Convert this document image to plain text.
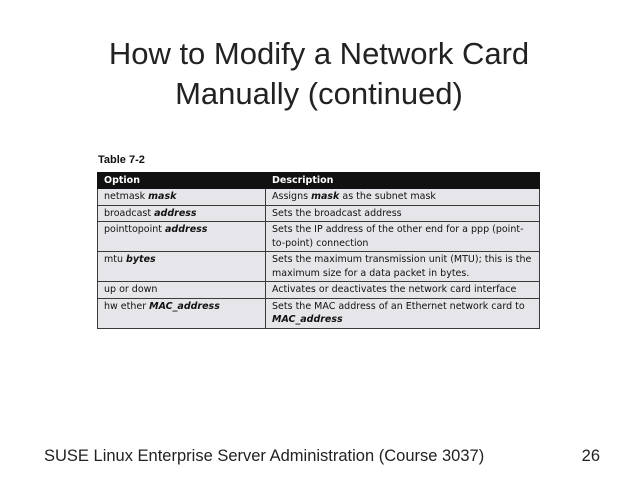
How to Modify a Network Card
Manually (continued)
Table 7-2
Option	Description
netmask mask	Assigns mask as the subnet mask
broadcast address	Sets the broadcast address
pointtopoint address	Sets the IP address of the other end for a ppp (point-to-point) connection
mtu bytes	Sets the maximum transmission unit (MTU); this is the maximum size for a data packet in bytes.
up or down	Activates or deactivates the network card interface
hw ether MAC_address	Sets the MAC address of an Ethernet network card to MAC_address
SUSE Linux Enterprise Server Administration (Course 3037)	26
